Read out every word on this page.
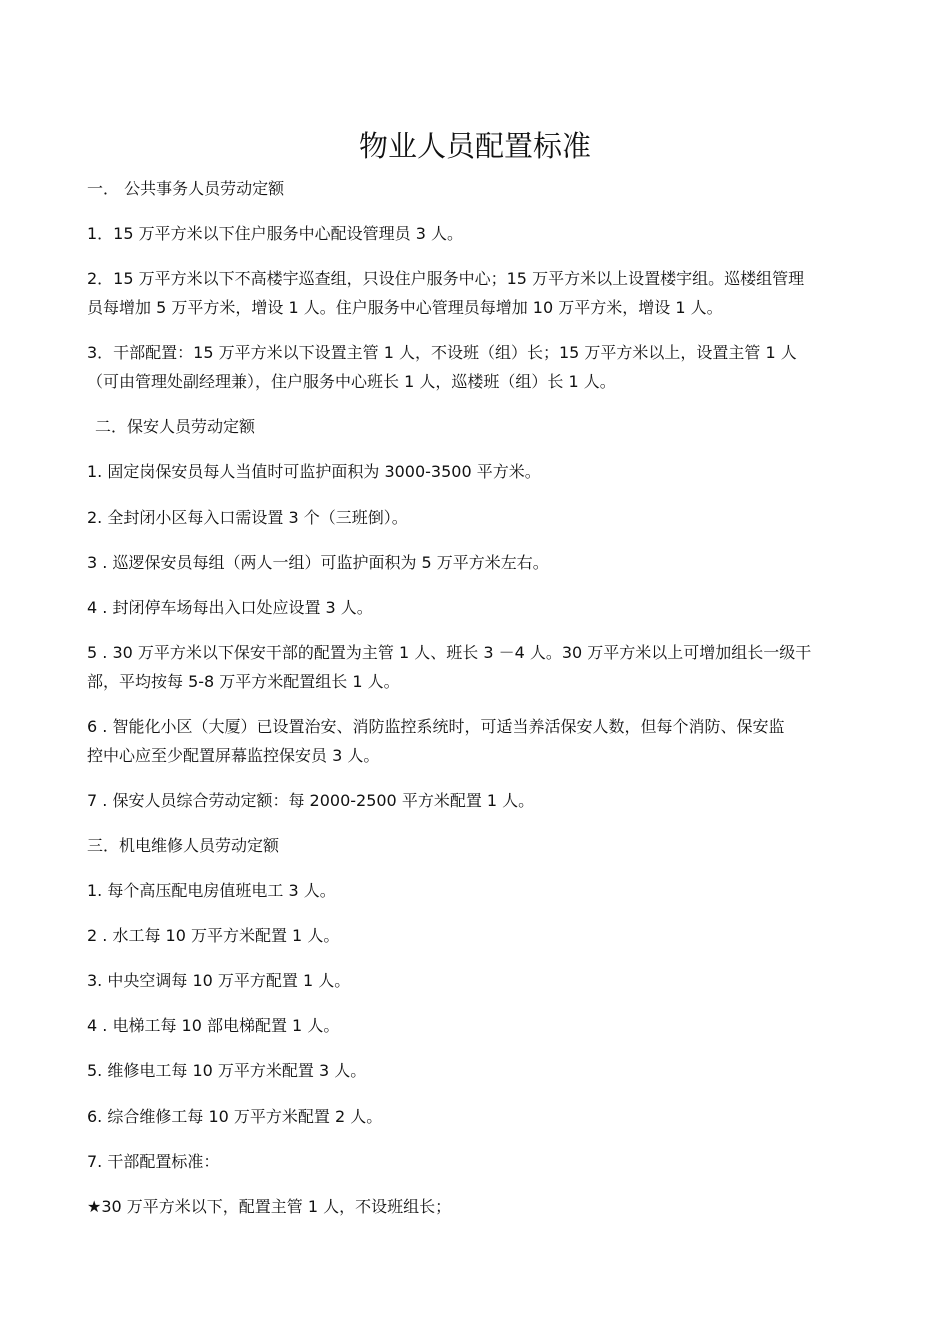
物业人员配置标准
一． 公共事务人员劳动定额
1．15 万平方米以下住户服务中心配设管理员 3 人。
2．15 万平方米以下不高楼宇巡查组，只设住户服务中心；15 万平方米以上设置楼宇组。巡楼组管理
员每增加 5 万平方米，增设 1 人。住户服务中心管理员每增加 10 万平方米，增设 1 人。
3．干部配置：15 万平方米以下设置主管 1 人，不设班（组）长；15 万平方米以上，设置主管 1 人
（可由管理处副经理兼），住户服务中心班长 1 人，巡楼班（组）长 1 人。
二．保安人员劳动定额
1. 固定岗保安员每人当值时可监护面积为 3000-3500 平方米。
2. 全封闭小区每入口需设置 3 个（三班倒）。
3 . 巡逻保安员每组（两人一组）可监护面积为 5 万平方米左右。
4 . 封闭停车场每出入口处应设置 3 人。
5 . 30 万平方米以下保安干部的配置为主管 1 人、班长 3 －4 人。30 万平方米以上可增加组长一级干
部，平均按每 5-8 万平方米配置组长 1 人。
6 . 智能化小区（大厦）已设置治安、消防监控系统时，可适当养活保安人数，但每个消防、保安监
控中心应至少配置屏幕监控保安员 3 人。
7 . 保安人员综合劳动定额：每 2000-2500 平方米配置 1 人。
三．机电维修人员劳动定额
1. 每个高压配电房值班电工 3 人。
2 . 水工每 10 万平方米配置 1 人。
3. 中央空调每 10 万平方配置 1 人。
4 . 电梯工每 10 部电梯配置 1 人。
5. 维修电工每 10 万平方米配置 3 人。
6. 综合维修工每 10 万平方米配置 2 人。
7. 干部配置标准：
★30 万平方米以下，配置主管 1 人，不设班组长；
